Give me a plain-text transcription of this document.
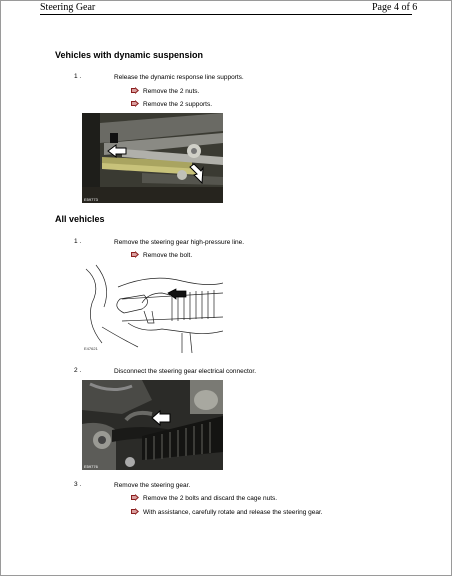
Steering Gear	Page 4 of 6
Vehicles with dynamic suspension
1 .	Release the dynamic response line supports.
Remove the 2 nuts.
Remove the 2 supports.
E59773
All vehicles
1 .	Remove the steering gear high-pressure line.
Remove the bolt.
E47621
2 .	Disconnect the steering gear electrical connector.
E59776
3 .	Remove the steering gear.
Remove the 2 bolts and discard the cage nuts.
With assistance, carefully rotate and release the steering gear.
